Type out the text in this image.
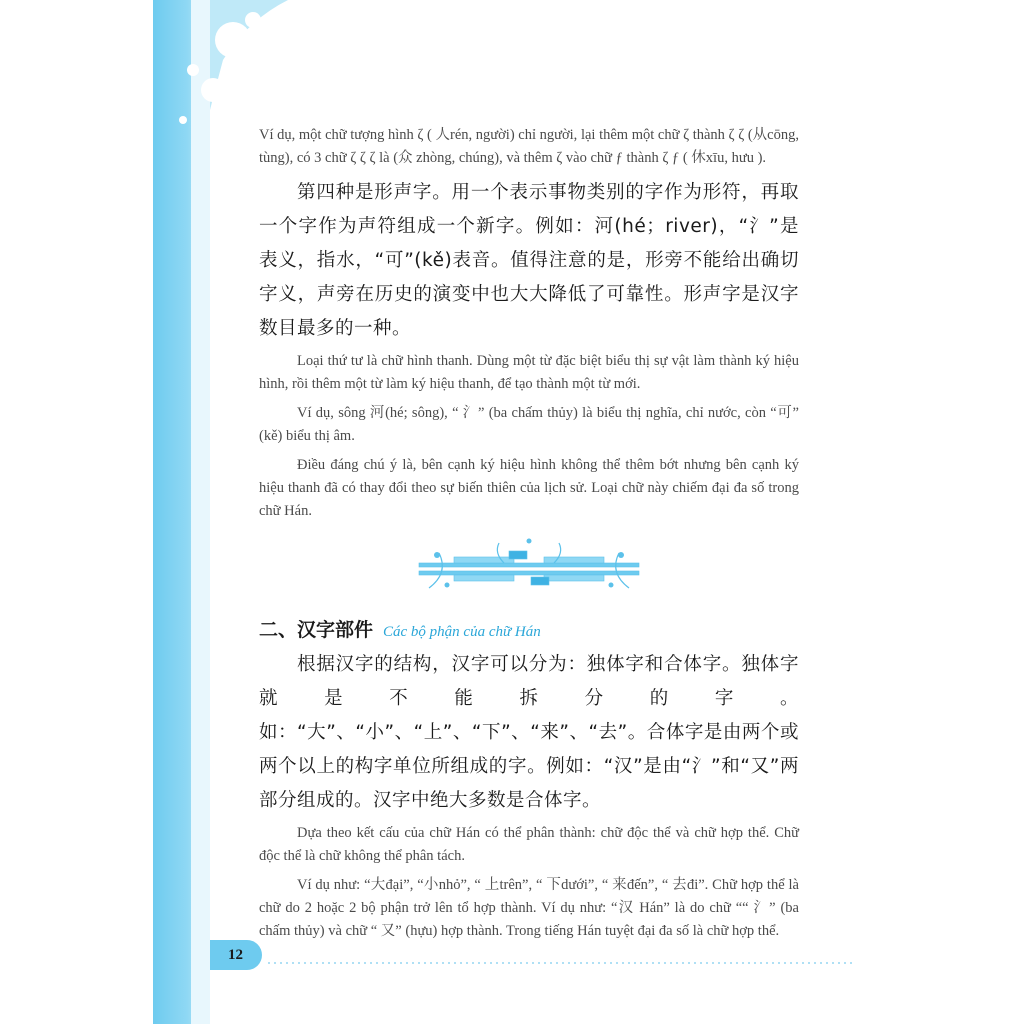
Ví dụ, một chữ tượng hình ζ ( 人rén, người) chỉ người, lại thêm một chữ ζ thành ζ ζ (从cōng, tùng), có 3 chữ ζ ζ ζ là (众 zhòng, chúng), và thêm ζ vào chữ ƒ thành ζ ƒ ( 休xīu, hưu ).

第四种是形声字。用一个表示事物类别的字作为形符，再取一个字作为声符组成一个新字。例如：河(hé；river)，“氵”是表义，指水，“可”(kě)表音。值得注意的是，形旁不能给出确切字义，声旁在历史的演变中也大大降低了可靠性。形声字是汉字数目最多的一种。

Loại thứ tư là chữ hình thanh. Dùng một từ đặc biệt biểu thị sự vật làm thành ký hiệu hình, rồi thêm một từ làm ký hiệu thanh, để tạo thành một từ mới.

Ví dụ, sông 河(hé; sông), “ 氵” (ba chấm thủy) là biểu thị nghĩa, chỉ nước, còn “可” (kě) biểu thị âm.

Điều đáng chú ý là, bên cạnh ký hiệu hình không thể thêm bớt nhưng bên cạnh ký hiệu thanh đã có thay đổi theo sự biến thiên của lịch sử. Loại chữ này chiếm đại đa số trong chữ Hán.

二、汉字部件 Các bộ phận của chữ Hán

根据汉字的结构，汉字可以分为：独体字和合体字。独体字就是不能拆分的字。如：“大”、“小”、“上”、“下”、“来”、“去”。合体字是由两个或两个以上的构字单位所组成的字。例如：“汉”是由“氵”和“又”两部分组成的。汉字中绝大多数是合体字。

Dựa theo kết cấu của chữ Hán có thể phân thành: chữ độc thể và chữ hợp thể. Chữ độc thể là chữ không thể phân tách.

Ví dụ như: “大đại”, “小nhỏ”, “ 上trên”, “ 下dưới”, “ 来đến”, “ 去đi”. Chữ hợp thể là chữ do 2 hoặc 2 bộ phận trở lên tổ hợp thành. Ví dụ như: “汉 Hán” là do chữ ““ 氵” (ba chấm thủy) và chữ “ 又” (hựu) hợp thành. Trong tiếng Hán tuyệt đại đa số là chữ hợp thể.

12
